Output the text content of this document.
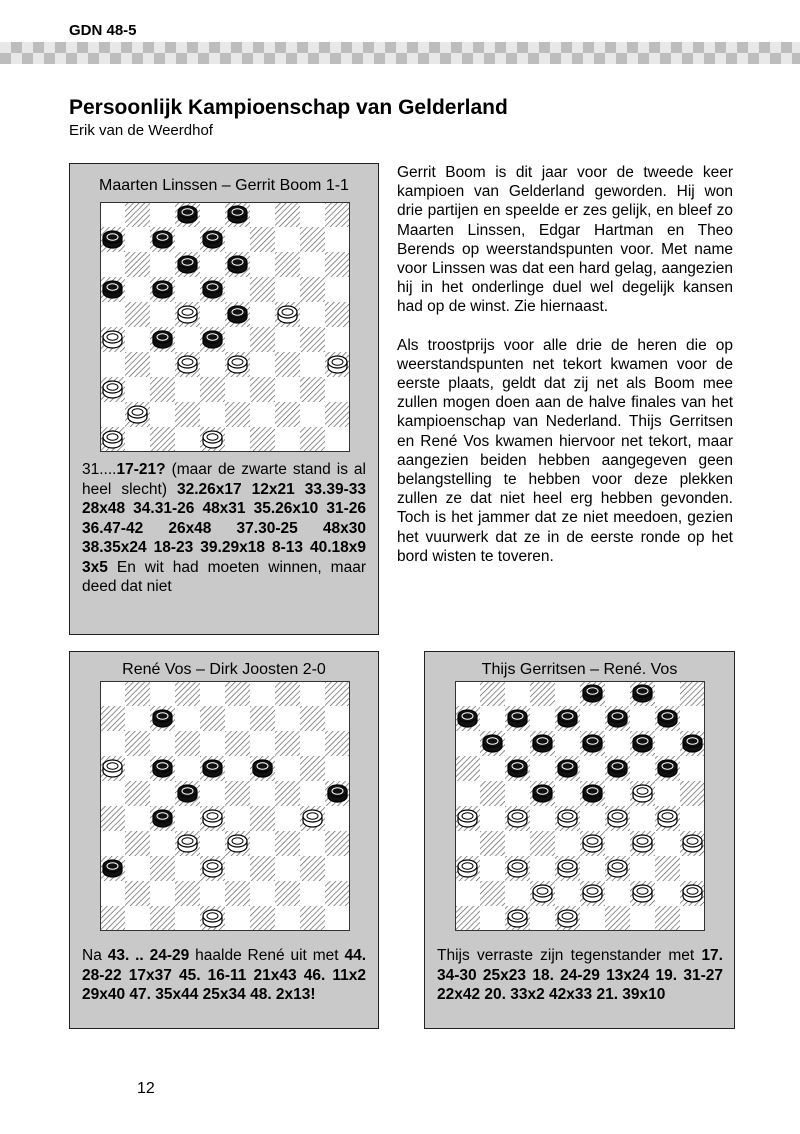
GDN 48-5
Persoonlijk Kampioenschap van Gelderland
Erik van de Weerdhof
Maarten Linssen – Gerrit Boom 1-1
31....17-21? (maar de zwarte stand is al heel slecht) 32.26x17 12x21 33.39-33 28x48 34.31-26 48x31 35.26x10 31-26 36.47-42 26x48 37.30-25 48x30 38.35x24 18-23 39.29x18 8-13 40.18x9 3x5 En wit had moeten winnen, maar deed dat niet

Gerrit Boom is dit jaar voor de tweede keer kampioen van Gelderland geworden. Hij won drie partijen en speelde er zes gelijk, en bleef zo Maarten Linssen, Edgar Hartman en Theo Berends op weerstandspunten voor. Met name voor Linssen was dat een hard gelag, aangezien hij in het onderlinge duel wel degelijk kansen had op de winst. Zie hiernaast.

Als troostprijs voor alle drie de heren die op weerstandspunten net tekort kwamen voor de eerste plaats, geldt dat zij net als Boom mee zullen mogen doen aan de halve finales van het kampioenschap van Nederland. Thijs Gerritsen en René Vos kwamen hiervoor net tekort, maar aangezien beiden hebben aangegeven geen belangstelling te hebben voor deze plekken zullen ze dat niet heel erg hebben gevonden. Toch is het jammer dat ze niet meedoen, gezien het vuurwerk dat ze in de eerste ronde op het bord wisten te toveren.

René Vos – Dirk Joosten 2-0
Na 43. .. 24-29 haalde René uit met 44. 28-22 17x37 45. 16-11 21x43 46. 11x2 29x40 47. 35x44 25x34 48. 2x13!
Thijs Gerritsen – René. Vos
Thijs verraste zijn tegenstander met 17. 34-30 25x23 18. 24-29 13x24 19. 31-27 22x42 20. 33x2 42x33 21. 39x10
12
